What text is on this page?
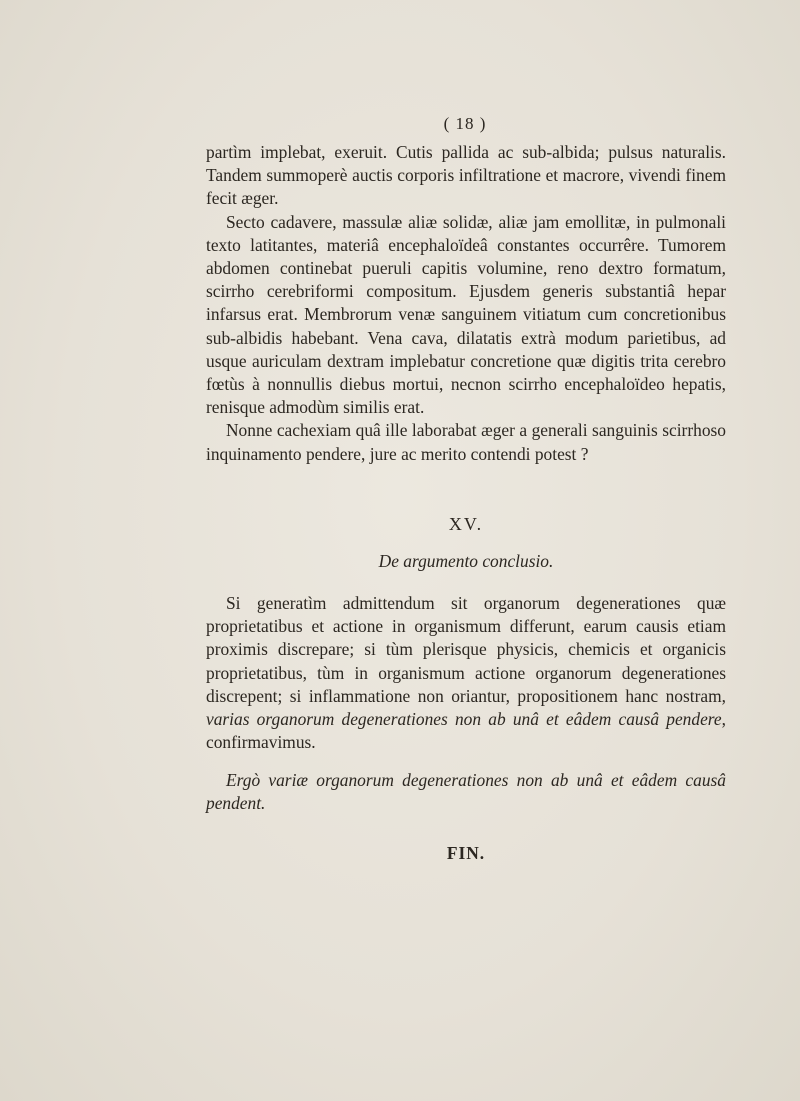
( 18 )

partìm implebat, exeruit. Cutis pallida ac sub-albida; pulsus naturalis. Tandem summoperè auctis corporis infiltratione et macrore, vivendi finem fecit æger.

Secto cadavere, massulæ aliæ solidæ, aliæ jam emollitæ, in pulmonali texto latitantes, materiâ encephaloïdeâ constantes occurrêre. Tumorem abdomen continebat pueruli capitis volumine, reno dextro formatum, scirrho cerebriformi compositum. Ejusdem generis substantiâ hepar infarsus erat. Membrorum venæ sanguinem vitiatum cum concretionibus sub-albidis habebant. Vena cava, dilatatis extrà modum parietibus, ad usque auriculam dextram implebatur concretione quæ digitis trita cerebro fœtùs à nonnullis diebus mortui, necnon scirrho encephaloïdeo hepatis, renisque admodùm similis erat.

Nonne cachexiam quâ ille laborabat æger a generali sanguinis scirrhoso inquinamento pendere, jure ac merito contendi potest ?

XV.
De argumento conclusio.

Si generatìm admittendum sit organorum degenerationes quæ proprietatibus et actione in organismum differunt, earum causis etiam proximis discrepare; si tùm plerisque physicis, chemicis et organicis proprietatibus, tùm in organismum actione organorum degenerationes discrepent; si inflammatione non oriantur, propositionem hanc nostram, varias organorum degenerationes non ab unâ et eâdem causâ pendere, confirmavimus.

Ergò variæ organorum degenerationes non ab unâ et eâdem causâ pendent.

FIN.
